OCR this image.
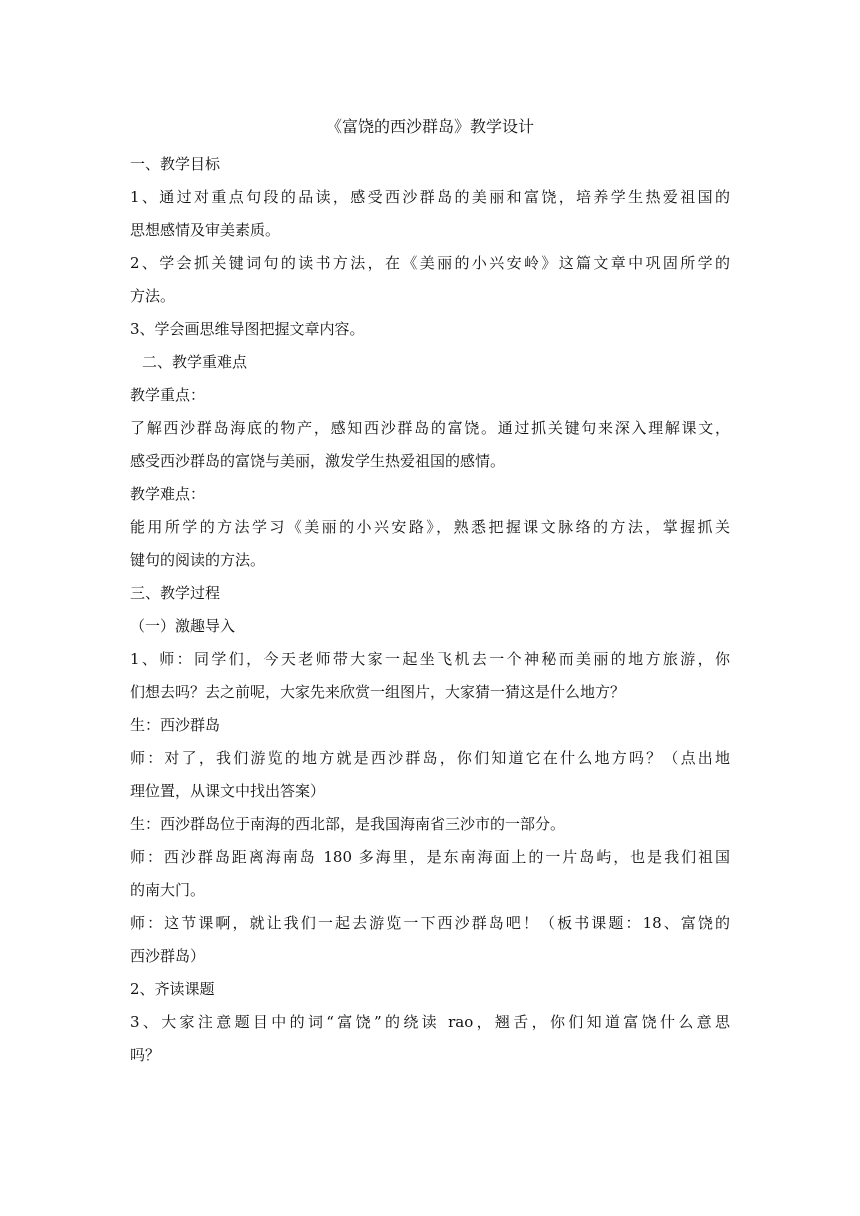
《富饶的西沙群岛》教学设计
一、教学目标
1、通过对重点句段的品读，感受西沙群岛的美丽和富饶，培养学生热爱祖国的
思想感情及审美素质。
2、学会抓关键词句的读书方法，在《美丽的小兴安岭》这篇文章中巩固所学的
方法。
3、学会画思维导图把握文章内容。
二、教学重难点
教学重点：
了解西沙群岛海底的物产，感知西沙群岛的富饶。通过抓关键句来深入理解课文，
感受西沙群岛的富饶与美丽，激发学生热爱祖国的感情。
教学难点：
能用所学的方法学习《美丽的小兴安路》，熟悉把握课文脉络的方法，掌握抓关
键句的阅读的方法。
三、教学过程
（一）激趣导入
1、师：同学们，今天老师带大家一起坐飞机去一个神秘而美丽的地方旅游，你
们想去吗？去之前呢，大家先来欣赏一组图片，大家猜一猜这是什么地方？
生：西沙群岛
师：对了，我们游览的地方就是西沙群岛，你们知道它在什么地方吗？（点出地
理位置，从课文中找出答案）
生：西沙群岛位于南海的西北部，是我国海南省三沙市的一部分。
师：西沙群岛距离海南岛 180 多海里，是东南海面上的一片岛屿，也是我们祖国
的南大门。
师：这节课啊，就让我们一起去游览一下西沙群岛吧！（板书课题：18、富饶的
西沙群岛）
2、齐读课题
3、大家注意题目中的词“富饶”的绕读 rao，翘舌，你们知道富饶什么意思
吗？
